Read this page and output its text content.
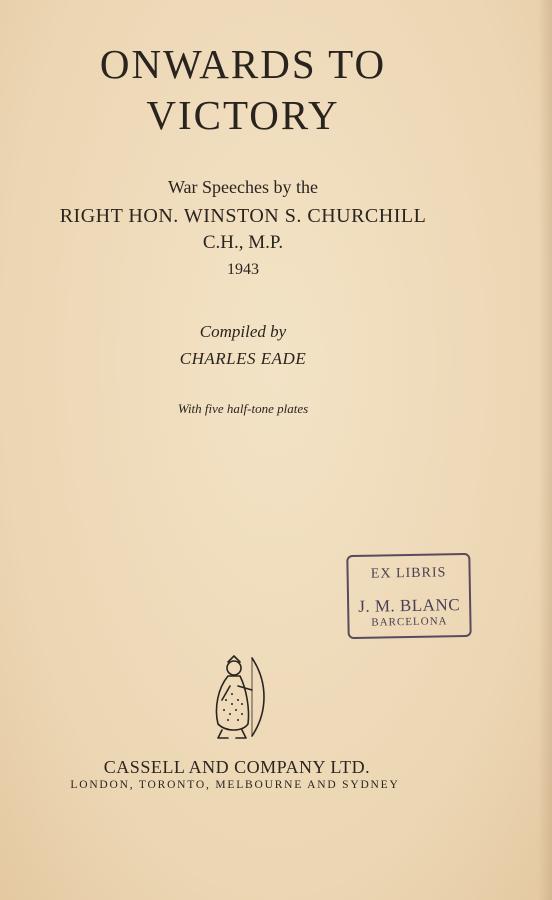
ONWARDS TO
VICTORY
War Speeches by the
RIGHT HON. WINSTON S. CHURCHILL
C.H., M.P.
1943
Compiled by
CHARLES EADE
With five half-tone plates
EX LIBRIS
J. M. BLANC
BARCELONA
CASSELL AND COMPANY LTD.
LONDON, TORONTO, MELBOURNE AND SYDNEY
